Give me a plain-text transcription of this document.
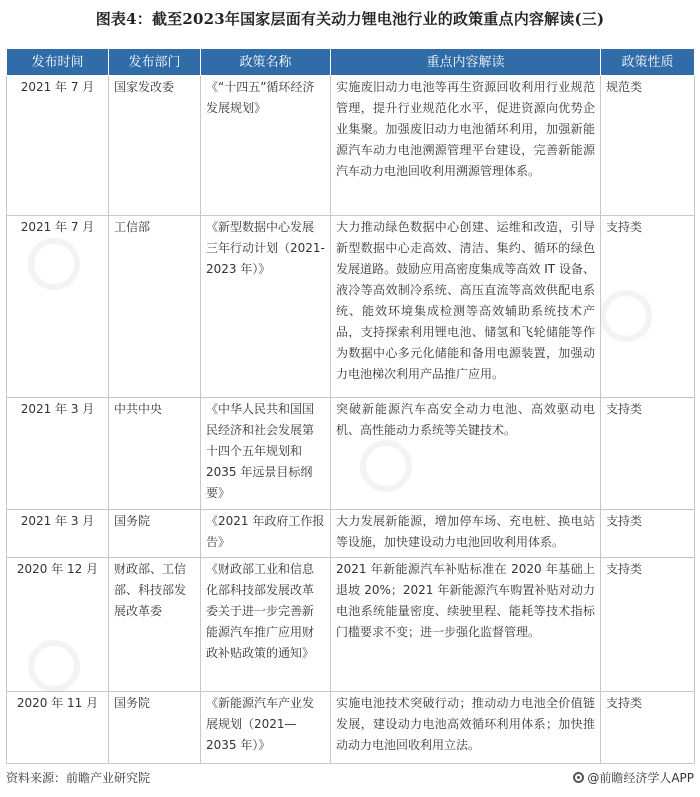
图表4：截至2023年国家层面有关动力锂电池行业的政策重点内容解读(三)
发布时间	发布部门	政策名称	重点内容解读	政策性质
2021 年 7 月	国家发改委	《“十四五”循环经济发展规划》	实施废旧动力电池等再生资源回收利用行业规范管理，提升行业规范化水平，促进资源向优势企业集聚。加强废旧动力电池循环利用，加强新能源汽车动力电池溯源管理平台建设，完善新能源汽车动力电池回收利用溯源管理体系。	规范类
2021 年 7 月	工信部	《新型数据中心发展三年行动计划（2021-2023 年）》	大力推动绿色数据中心创建、运维和改造，引导新型数据中心走高效、清洁、集约、循环的绿色发展道路。鼓励应用高密度集成等高效 IT 设备、液冷等高效制冷系统、高压直流等高效供配电系统、能效环境集成检测等高效辅助系统技术产品，支持探索利用锂电池、储氢和飞轮储能等作为数据中心多元化储能和备用电源装置，加强动力电池梯次利用产品推广应用。	支持类
2021 年 3 月	中共中央	《中华人民共和国国民经济和社会发展第十四个五年规划和 2035 年远景目标纲要》	突破新能源汽车高安全动力电池、高效驱动电机、高性能动力系统等关键技术。	支持类
2021 年 3 月	国务院	《2021 年政府工作报告》	大力发展新能源，增加停车场、充电桩、换电站等设施，加快建设动力电池回收利用体系。	支持类
2020 年 12 月	财政部、工信部、科技部发展改革委	《财政部工业和信息化部科技部发展改革委关于进一步完善新能源汽车推广应用财政补贴政策的通知》	2021 年新能源汽车补贴标准在 2020 年基础上退坡 20%；2021 年新能源汽车购置补贴对动力电池系统能量密度、续驶里程、能耗等技术指标门槛要求不变；进一步强化监督管理。	支持类
2020 年 11 月	国务院	《新能源汽车产业发展规划（2021—2035 年）》	实施电池技术突破行动；推动动力电池全价值链发展，建设动力电池高效循环利用体系；加快推动动力电池回收利用立法。	支持类
资料来源：前瞻产业研究院	@前瞻经济学人APP
